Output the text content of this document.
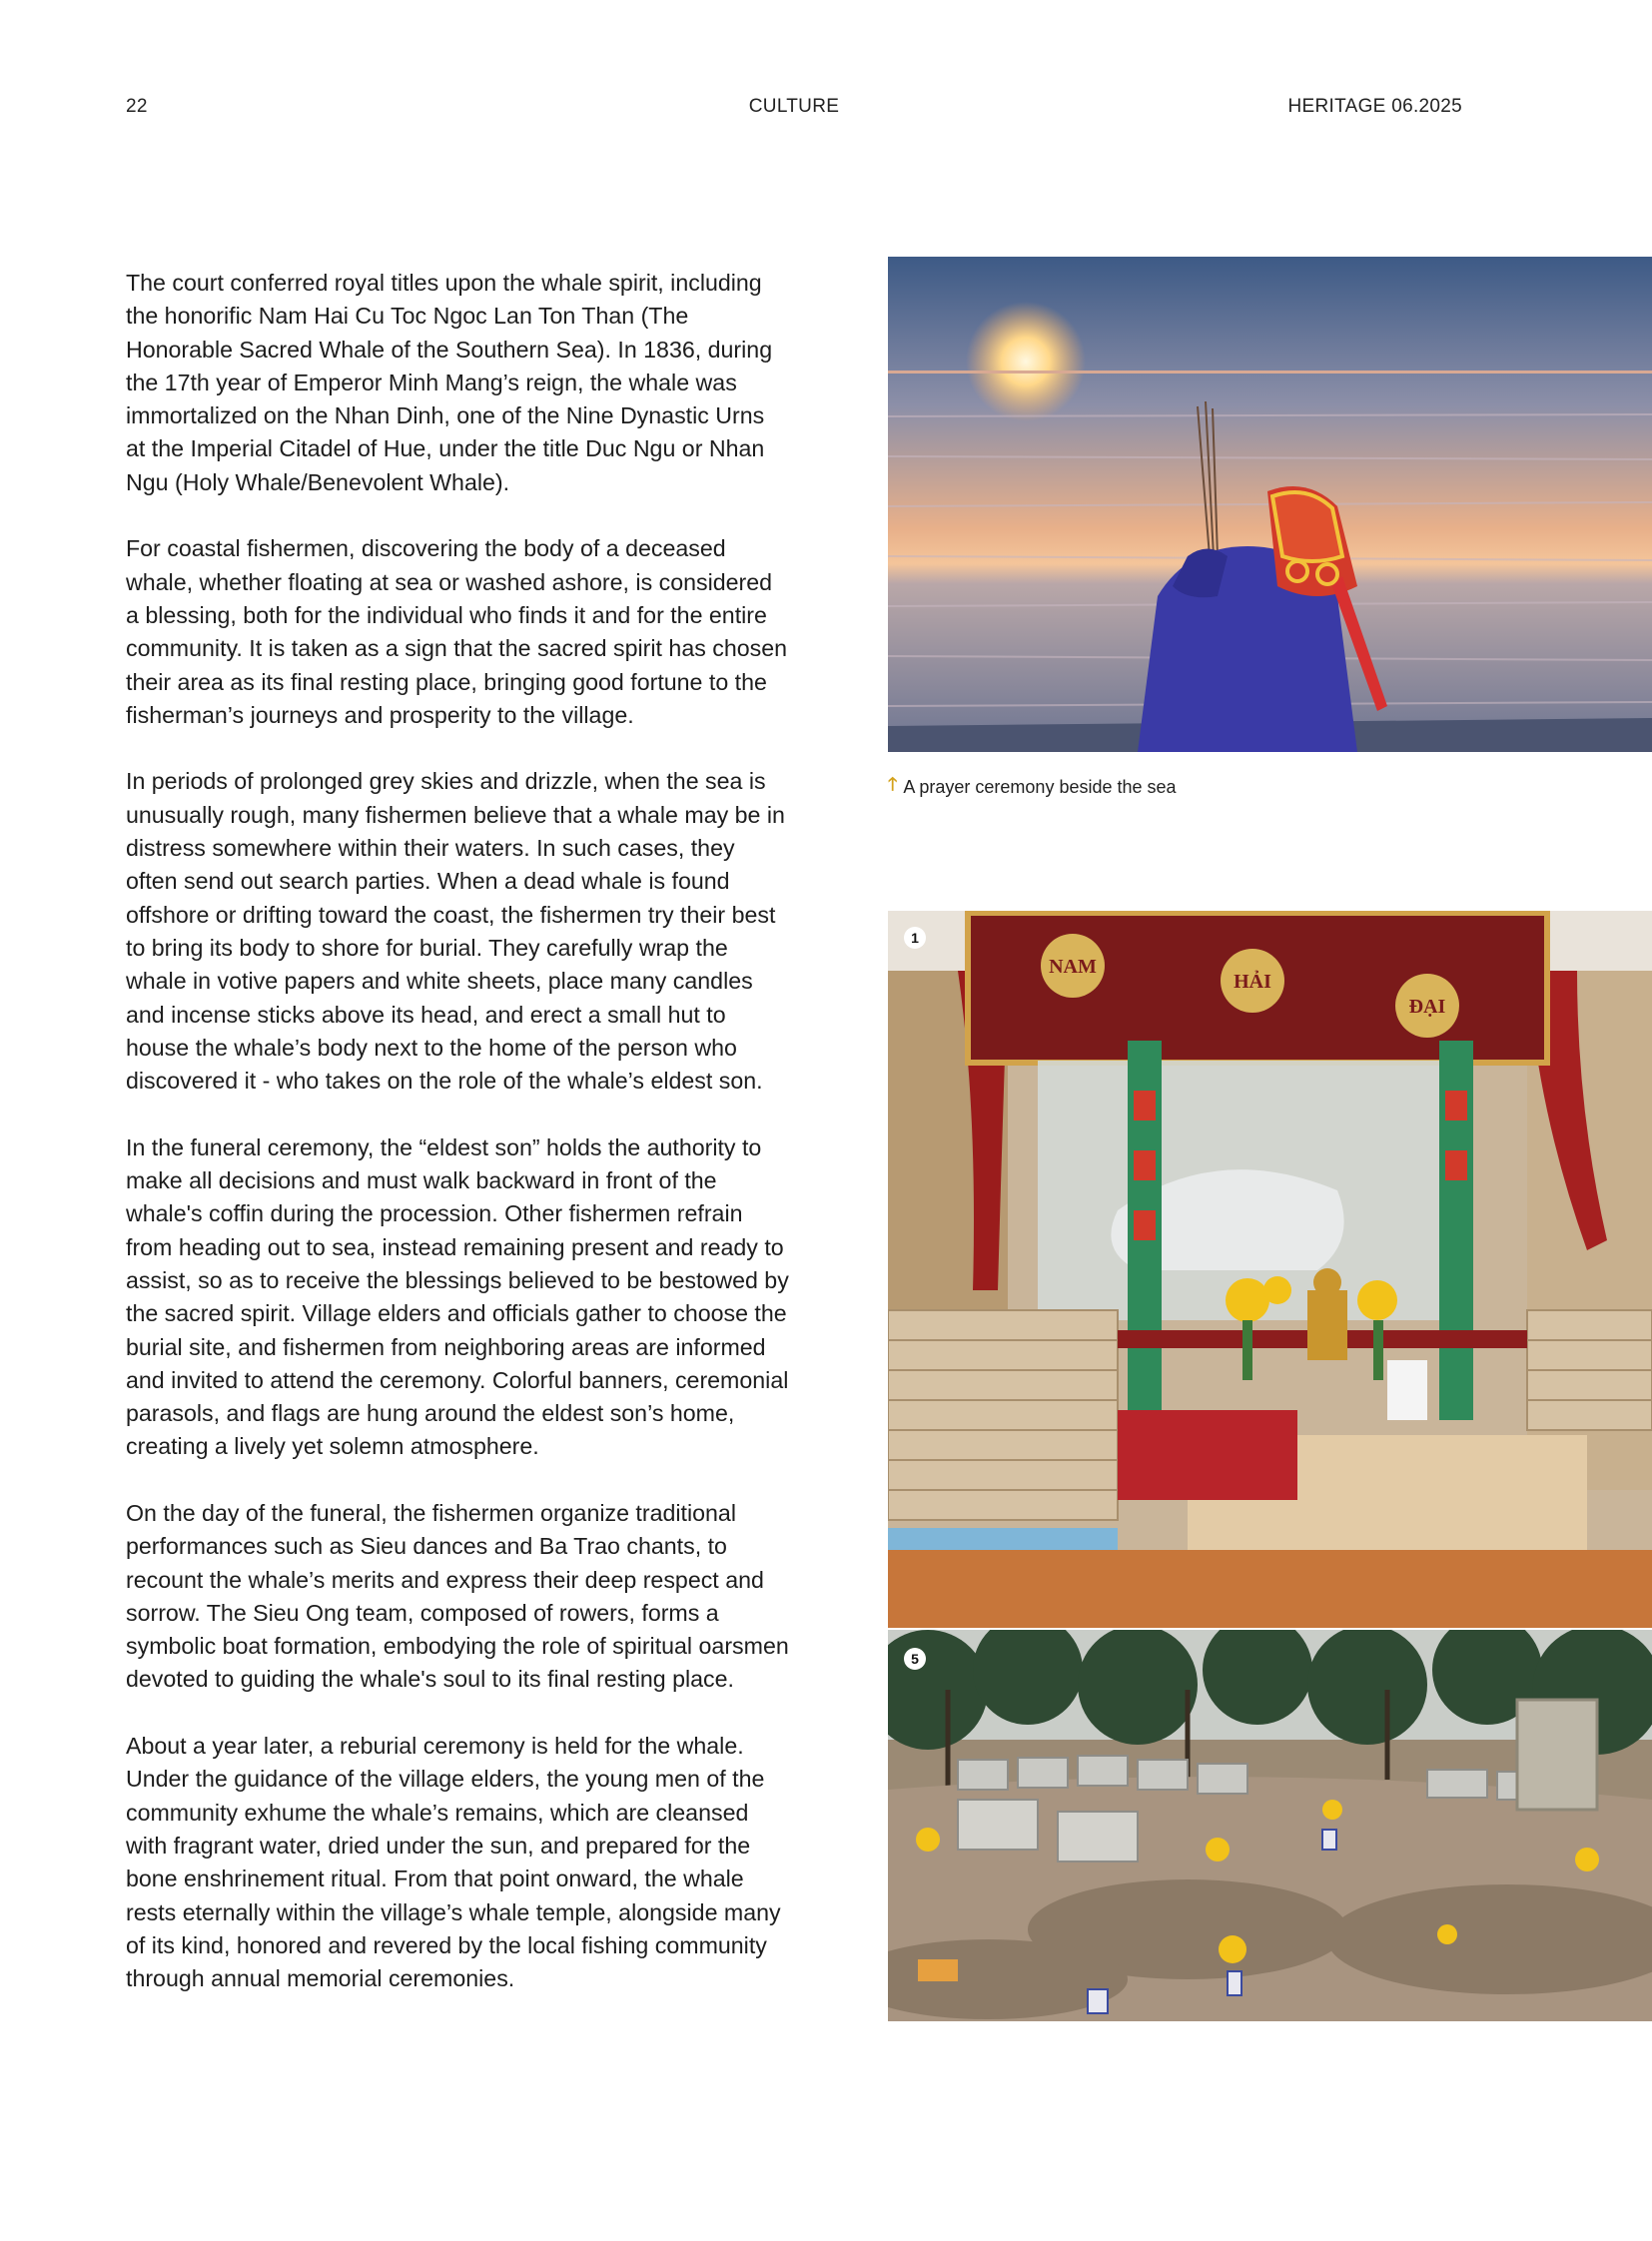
22	CULTURE	HERITAGE 06.2025

The court conferred royal titles upon the whale spirit, including the honorific Nam Hai Cu Toc Ngoc Lan Ton Than (The Honorable Sacred Whale of the Southern Sea). In 1836, during the 17th year of Emperor Minh Mang’s reign, the whale was immortalized on the Nhan Dinh, one of the Nine Dynastic Urns at the Imperial Citadel of Hue, under the title Duc Ngu or Nhan Ngu (Holy Whale/Benevolent Whale).

For coastal fishermen, discovering the body of a deceased whale, whether floating at sea or washed ashore, is considered a blessing, both for the individual who finds it and for the entire community. It is taken as a sign that the sacred spirit has chosen their area as its final resting place, bringing good fortune to the fisherman’s journeys and prosperity to the village.

In periods of prolonged grey skies and drizzle, when the sea is unusually rough, many fishermen believe that a whale may be in distress somewhere within their waters. In such cases, they often send out search parties. When a dead whale is found offshore or drifting toward the coast, the fishermen try their best to bring its body to shore for burial. They carefully wrap the whale in votive papers and white sheets, place many candles and incense sticks above its head, and erect a small hut to house the whale’s body next to the home of the person who discovered it - who takes on the role of the whale’s eldest son.

In the funeral ceremony, the “eldest son” holds the authority to make all decisions and must walk backward in front of the whale's coffin during the procession. Other fishermen refrain from heading out to sea, instead remaining present and ready to assist, so as to receive the blessings believed to be bestowed by the sacred spirit. Village elders and officials gather to choose the burial site, and fishermen from neighboring areas are informed and invited to attend the ceremony. Colorful banners, ceremonial parasols, and flags are hung around the eldest son’s home, creating a lively yet solemn atmosphere.

On the day of the funeral, the fishermen organize traditional performances such as Sieu dances and Ba Trao chants, to recount the whale’s merits and express their deep respect and sorrow. The Sieu Ong team, composed of rowers, forms a symbolic boat formation, embodying the role of spiritual oarsmen devoted to guiding the whale's soul to its final resting place.

About a year later, a reburial ceremony is held for the whale. Under the guidance of the village elders, the young men of the community exhume the whale’s remains, which are cleansed with fragrant water, dried under the sun, and prepared for the bone enshrinement ritual. From that point onward, the whale rests eternally within the village’s whale temple, alongside many of its kind, honored and revered by the local fishing community through annual memorial ceremonies.

🡑 A prayer ceremony beside the sea
NAM
HẢI
ĐẠI
1
5
